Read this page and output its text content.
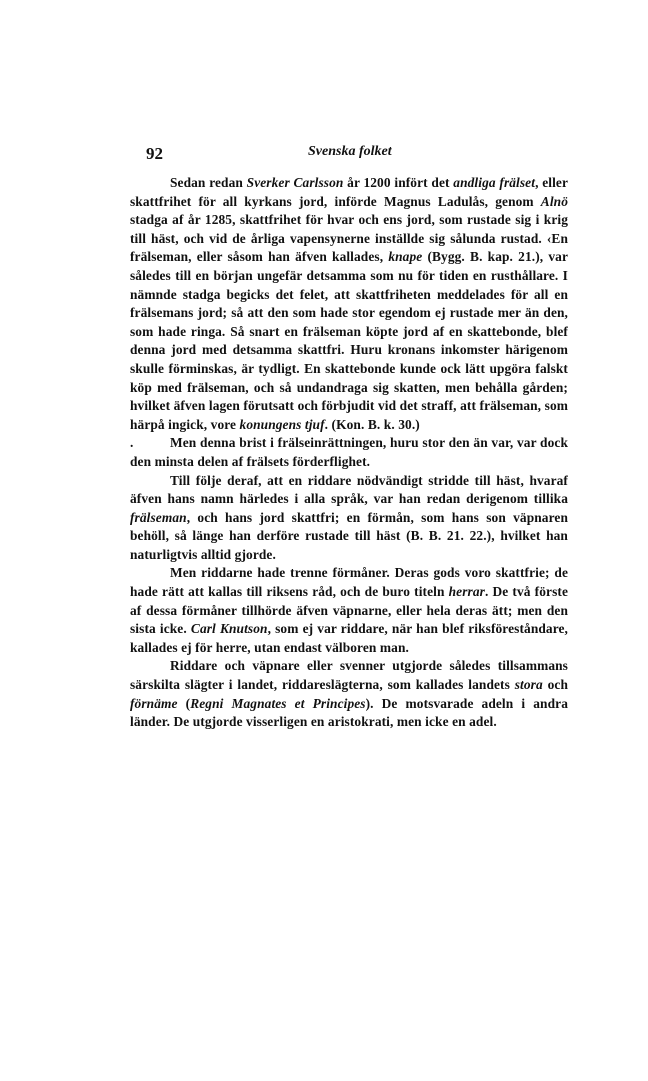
92	Svenska folket

Sedan redan Sverker Carlsson år 1200 infört det andliga frälset, eller skattfrihet för all kyrkans jord, införde Magnus Ladulås, genom Alnö stadga af år 1285, skattfrihet för hvar och ens jord, som rustade sig i krig till häst, och vid de årliga vapensynerne inställde sig sålunda rustad. ‹En frälseman, eller såsom han äfven kallades, knape (Bygg. B. kap. 21.), var således till en början ungefär detsamma som nu för tiden en rusthållare. I nämnde stadga begicks det felet, att skattfriheten meddelades för all en frälsemans jord; så att den som hade stor egendom ej rustade mer än den, som hade ringa. Så snart en frälseman köpte jord af en skattebonde, blef denna jord med detsamma skattfri. Huru kronans inkomster härigenom skulle förminskas, är tydligt. En skattebonde kunde ock lätt upgöra falskt köp med frälseman, och så undandraga sig skatten, men behålla gården; hvilket äfven lagen förutsatt och förbjudit vid det straff, att frälseman, som härpå ingick, vore konungens tjuf. (Kon. B. k. 30.)

.	Men denna brist i frälseinrättningen, huru stor den än var, var dock den minsta delen af frälsets förderflighet.

Till följe deraf, att en riddare nödvändigt stridde till häst, hvaraf äfven hans namn härledes i alla språk, var han redan derigenom tillika frälseman, och hans jord skattfri; en förmån, som hans son väpnaren behöll, så länge han derföre rustade till häst (B. B. 21. 22.), hvilket han naturligtvis alltid gjorde.

Men riddarne hade trenne förmåner. Deras gods voro skattfrie; de hade rätt att kallas till riksens råd, och de buro titeln herrar. De två förste af dessa förmåner tillhörde äfven väpnarne, eller hela deras ätt; men den sista icke. Carl Knutson, som ej var riddare, när han blef riksföreståndare, kallades ej för herre, utan endast välboren man.

Riddare och väpnare eller svenner utgjorde således tillsammans särskilta slägter i landet, riddareslägterna, som kallades landets stora och förnäme (Regni Magnates et Principes). De motsvarade adeln i andra länder. De utgjorde visserligen en aristokrati, men icke en adel.
